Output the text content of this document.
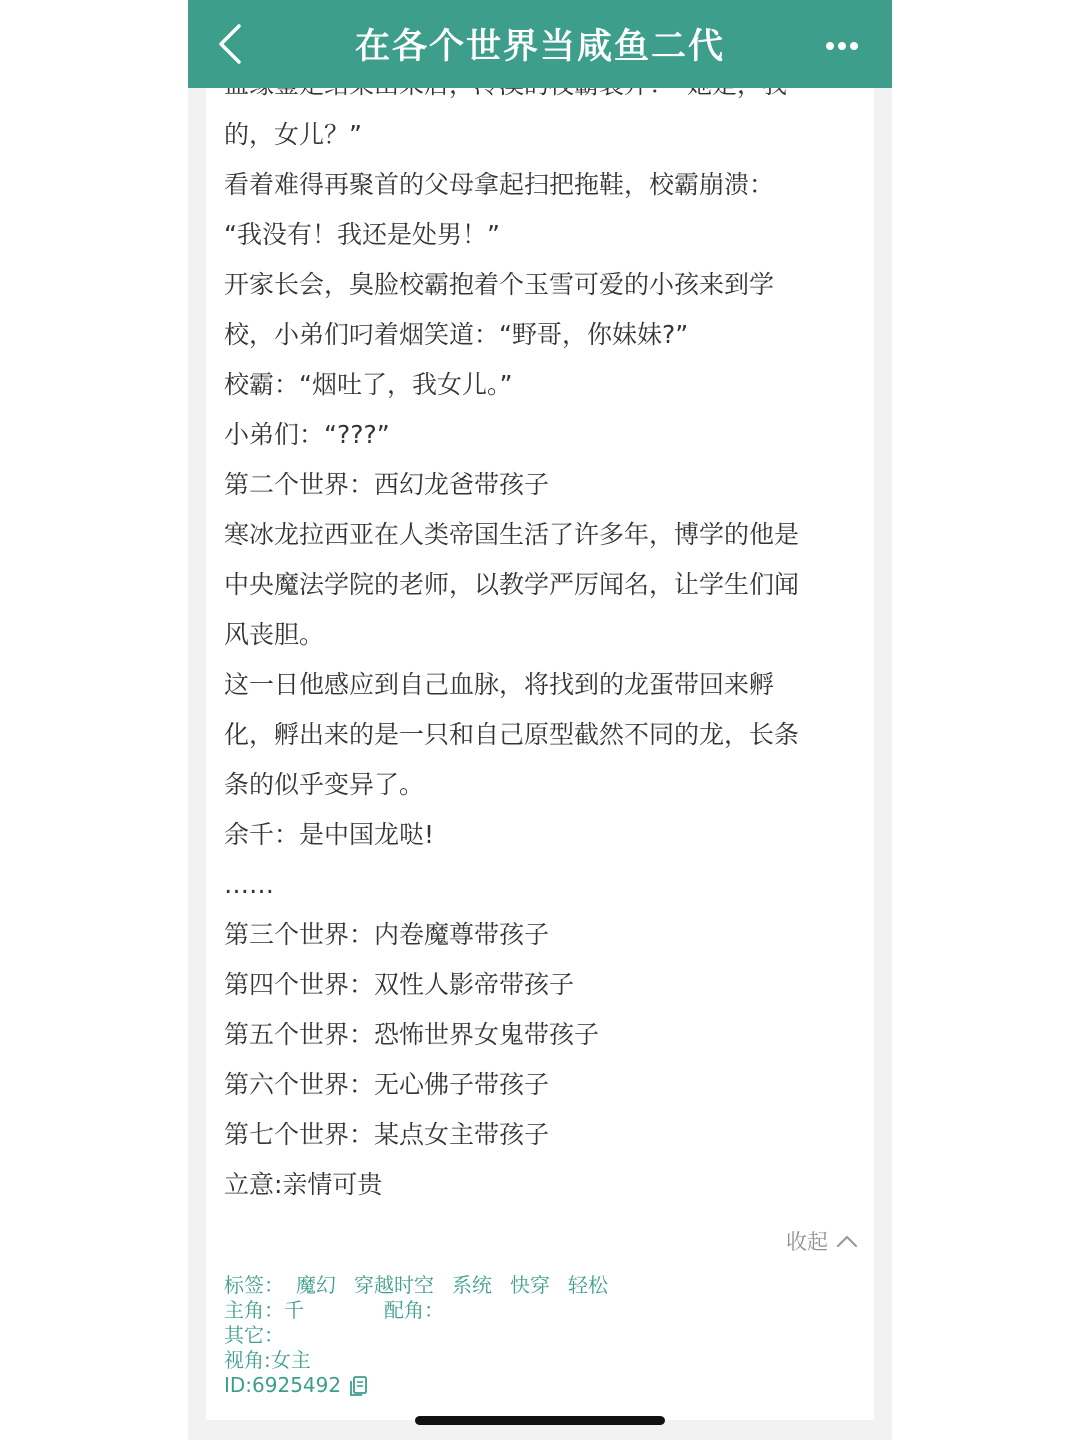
在各个世界当咸鱼二代
的，女儿？”
看着难得再聚首的父母拿起扫把拖鞋，校霸崩溃：
“我没有！我还是处男！”
开家长会，臭脸校霸抱着个玉雪可爱的小孩来到学
校，小弟们叼着烟笑道：“野哥，你妹妹?”
校霸：“烟吐了，我女儿。”
小弟们：“???”
第二个世界：西幻龙爸带孩子
寒冰龙拉西亚在人类帝国生活了许多年，博学的他是
中央魔法学院的老师，以教学严厉闻名，让学生们闻
风丧胆。
这一日他感应到自己血脉，将找到的龙蛋带回来孵
化，孵出来的是一只和自己原型截然不同的龙，长条
条的似乎变异了。
余千：是中国龙哒!
……
第三个世界：内卷魔尊带孩子
第四个世界：双性人影帝带孩子
第五个世界：恐怖世界女鬼带孩子
第六个世界：无心佛子带孩子
第七个世界：某点女主带孩子
立意:亲情可贵
收起
标签： 魔幻 穿越时空 系统 快穿 轻松
主角：千	配角：
其它：
视角:女主
ID:6925492
